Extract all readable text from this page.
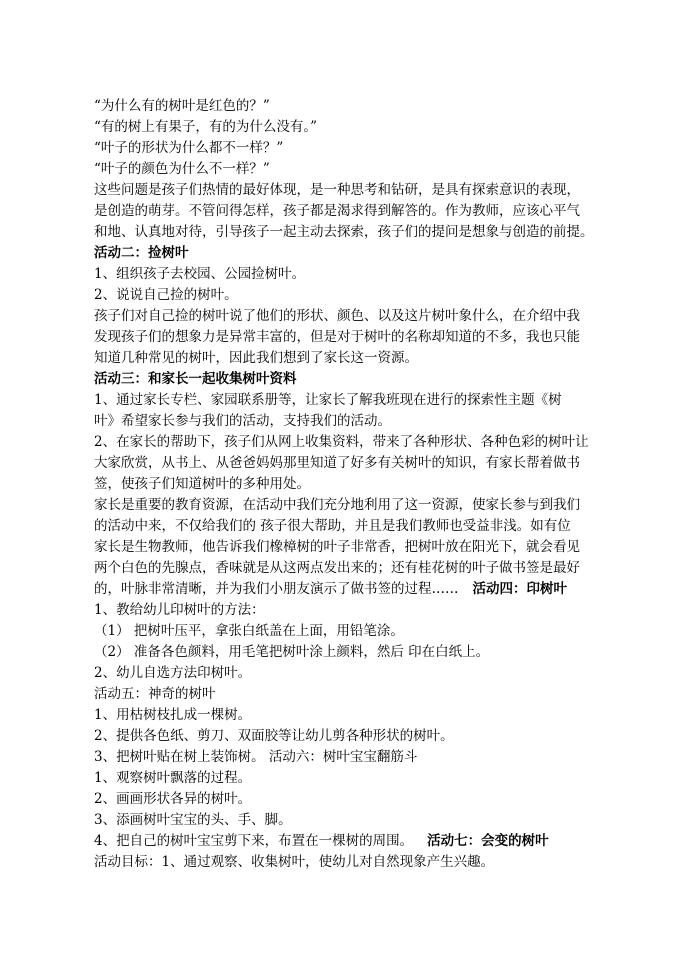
“为什么有的树叶是红色的？”
“有的树上有果子，有的为什么没有。”
“叶子的形状为什么都不一样？”
“叶子的颜色为什么不一样？”
这些问题是孩子们热情的最好体现，是一种思考和钻研，是具有探索意识的表现，
是创造的萌芽。不管问得怎样，孩子都是渴求得到解答的。作为教师，应该心平气
和地、认真地对待，引导孩子一起主动去探索，孩子们的提问是想象与创造的前提。
活动二：捡树叶
1、组织孩子去校园、公园捡树叶。
2、说说自己捡的树叶。
孩子们对自己捡的树叶说了他们的形状、颜色、以及这片树叶象什么，在介绍中我
发现孩子们的想象力是异常丰富的，但是对于树叶的名称却知道的不多，我也只能
知道几种常见的树叶，因此我们想到了家长这一资源。
活动三：和家长一起收集树叶资料
1、通过家长专栏、家园联系册等，让家长了解我班现在进行的探索性主题《树
叶》希望家长参与我们的活动，支持我们的活动。
2、在家长的帮助下，孩子们从网上收集资料，带来了各种形状、各种色彩的树叶让
大家欣赏，从书上、从爸爸妈妈那里知道了好多有关树叶的知识，有家长帮着做书
签，使孩子们知道树叶的多种用处。
家长是重要的教育资源，在活动中我们充分地利用了这一资源，使家长参与到我们
的活动中来，不仅给我们的 孩子很大帮助，并且是我们教师也受益非浅。如有位
家长是生物教师，他告诉我们橡樟树的叶子非常香，把树叶放在阳光下，就会看见
两个白色的先腺点，香味就是从这两点发出来的；还有桂花树的叶子做书签是最好
的，叶脉非常清晰，并为我们小朋友演示了做书签的过程…… 活动四：印树叶
1、教给幼儿印树叶的方法：
（1） 把树叶压平，拿张白纸盖在上面，用铅笔涂。
（2） 准备各色颜料，用毛笔把树叶涂上颜料，然后 印在白纸上。
2、幼儿自选方法印树叶。
活动五：神奇的树叶
1、用枯树枝扎成一棵树。
2、提供各色纸、剪刀、双面胶等让幼儿剪各种形状的树叶。
3、把树叶贴在树上装饰树。 活动六：树叶宝宝翻筋斗
1、观察树叶飘落的过程。
2、画画形状各异的树叶。
3、添画树叶宝宝的头、手、脚。
4、把自己的树叶宝宝剪下来，布置在一棵树的周围。 活动七：会变的树叶
活动目标：1、通过观察、收集树叶，使幼儿对自然现象产生兴趣。
